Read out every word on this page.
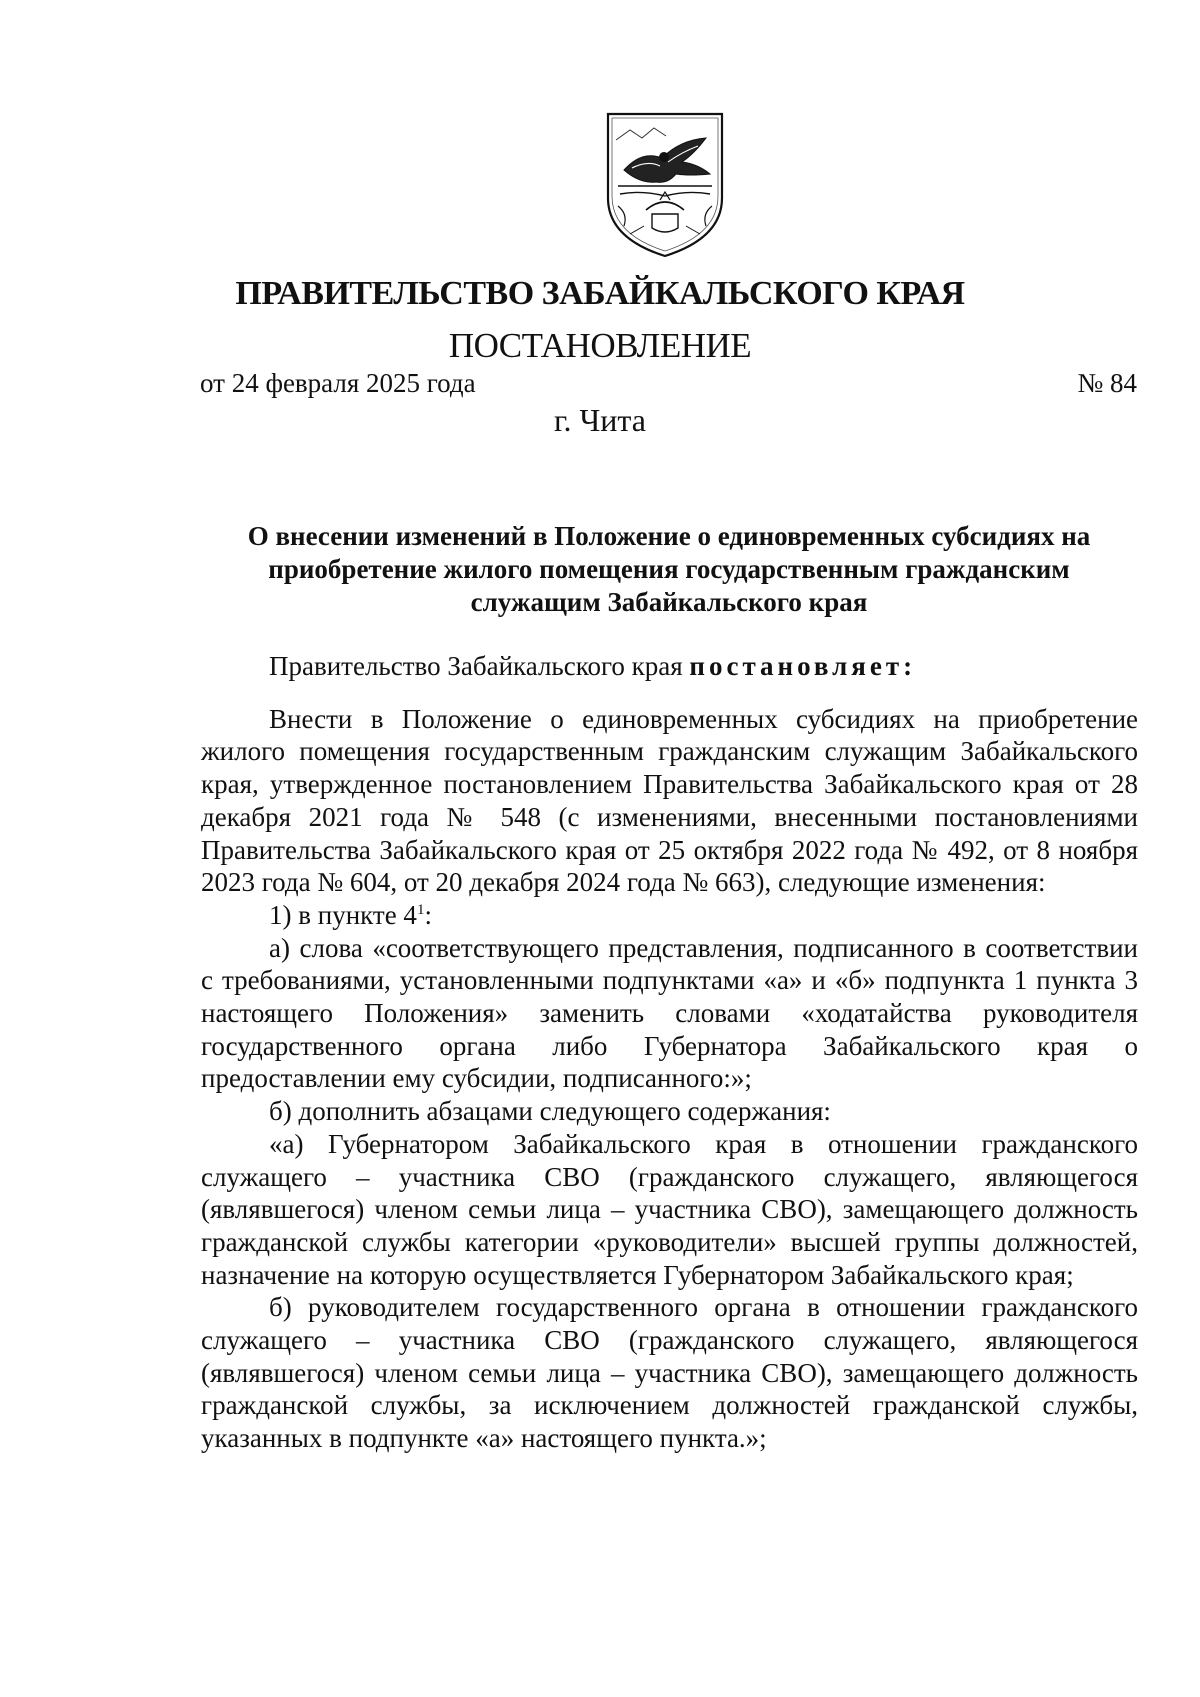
ПРАВИТЕЛЬСТВО ЗАБАЙКАЛЬСКОГО КРАЯ
ПОСТАНОВЛЕНИЕ
от 24 февраля 2025 года	№ 84
г. Чита
О внесении изменений в Положение о единовременных субсидиях на
приобретение жилого помещения государственным гражданским
служащим Забайкальского края

Правительство Забайкальского края постановляет:

Внести в Положение о единовременных субсидиях на приобретение жилого помещения государственным гражданским служащим Забайкальского края, утвержденное постановлением Правительства Забайкальского края от 28 декабря 2021 года № 548 (с изменениями, внесенными постановлениями Правительства Забайкальского края от 25 октября 2022 года № 492, от 8 ноября 2023 года № 604, от 20 декабря 2024 года № 663), следующие изменения:

1) в пункте $4^1$:

а) слова «соответствующего представления, подписанного в соответствии с требованиями, установленными подпунктами «а» и «б» подпункта 1 пункта 3 настоящего Положения» заменить словами «ходатайства руководителя государственного органа либо Губернатора Забайкальского края о предоставлении ему субсидии, подписанного:»;

б) дополнить абзацами следующего содержания:

«а) Губернатором Забайкальского края в отношении гражданского служащего – участника СВО (гражданского служащего, являющегося (являвшегося) членом семьи лица – участника СВО), замещающего должность гражданской службы категории «руководители» высшей группы должностей, назначение на которую осуществляется Губернатором Забайкальского края;

б) руководителем государственного органа в отношении гражданского служащего – участника СВО (гражданского служащего, являющегося (являвшегося) членом семьи лица – участника СВО), замещающего должность гражданской службы, за исключением должностей гражданской службы, указанных в подпункте «а» настоящего пункта.»;
